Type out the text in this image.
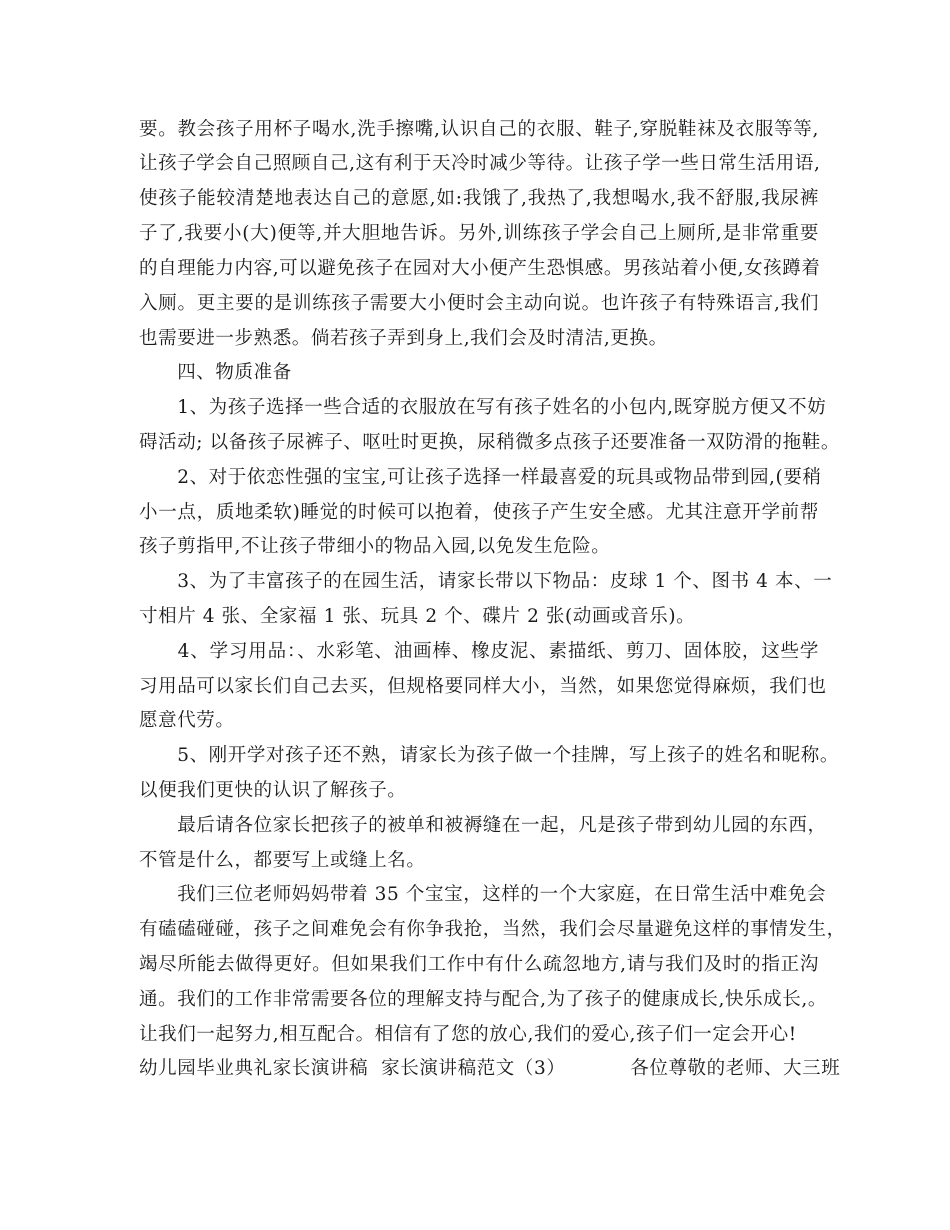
要。教会孩子用杯子喝水,洗手擦嘴,认识自己的衣服、鞋子,穿脱鞋袜及衣服等等,
让孩子学会自己照顾自己,这有利于天冷时减少等待。让孩子学一些日常生活用语,
使孩子能较清楚地表达自己的意愿,如:我饿了,我热了,我想喝水,我不舒服,我尿裤
子了,我要小(大)便等,并大胆地告诉。另外,训练孩子学会自己上厕所,是非常重要
的自理能力内容,可以避免孩子在园对大小便产生恐惧感。男孩站着小便,女孩蹲着
入厕。更主要的是训练孩子需要大小便时会主动向说。也许孩子有特殊语言,我们
也需要进一步熟悉。倘若孩子弄到身上,我们会及时清洁,更换。
　　四、物质准备
　　1、为孩子选择一些合适的衣服放在写有孩子姓名的小包内,既穿脱方便又不妨
碍活动; 以备孩子尿裤子、呕吐时更换，尿稍微多点孩子还要准备一双防滑的拖鞋。
　　2、对于依恋性强的宝宝,可让孩子选择一样最喜爱的玩具或物品带到园,(要稍
小一点，质地柔软)睡觉的时候可以抱着，使孩子产生安全感。尤其注意开学前帮
孩子剪指甲,不让孩子带细小的物品入园,以免发生危险。
　　3、为了丰富孩子的在园生活，请家长带以下物品：皮球 1 个、图书 4 本、一
寸相片 4 张、全家福 1 张、玩具 2 个、碟片 2 张(动画或音乐)。
　　4、学习用品：、水彩笔、油画棒、橡皮泥、素描纸、剪刀、固体胶，这些学
习用品可以家长们自己去买，但规格要同样大小，当然，如果您觉得麻烦，我们也
愿意代劳。
　　5、刚开学对孩子还不熟，请家长为孩子做一个挂牌，写上孩子的姓名和昵称。
以便我们更快的认识了解孩子。
　　最后请各位家长把孩子的被单和被褥缝在一起，凡是孩子带到幼儿园的东西，
不管是什么，都要写上或缝上名。
　　我们三位老师妈妈带着 35 个宝宝，这样的一个大家庭，在日常生活中难免会
有磕磕碰碰，孩子之间难免会有你争我抢，当然，我们会尽量避免这样的事情发生，
竭尽所能去做得更好。但如果我们工作中有什么疏忽地方,请与我们及时的指正沟
通。我们的工作非常需要各位的理解支持与配合,为了孩子的健康成长,快乐成长,。
让我们一起努力,相互配合。相信有了您的放心,我们的爱心,孩子们一定会开心!
幼儿园毕业典礼家长演讲稿  家长演讲稿范文（3）          各位尊敬的老师、大三班
